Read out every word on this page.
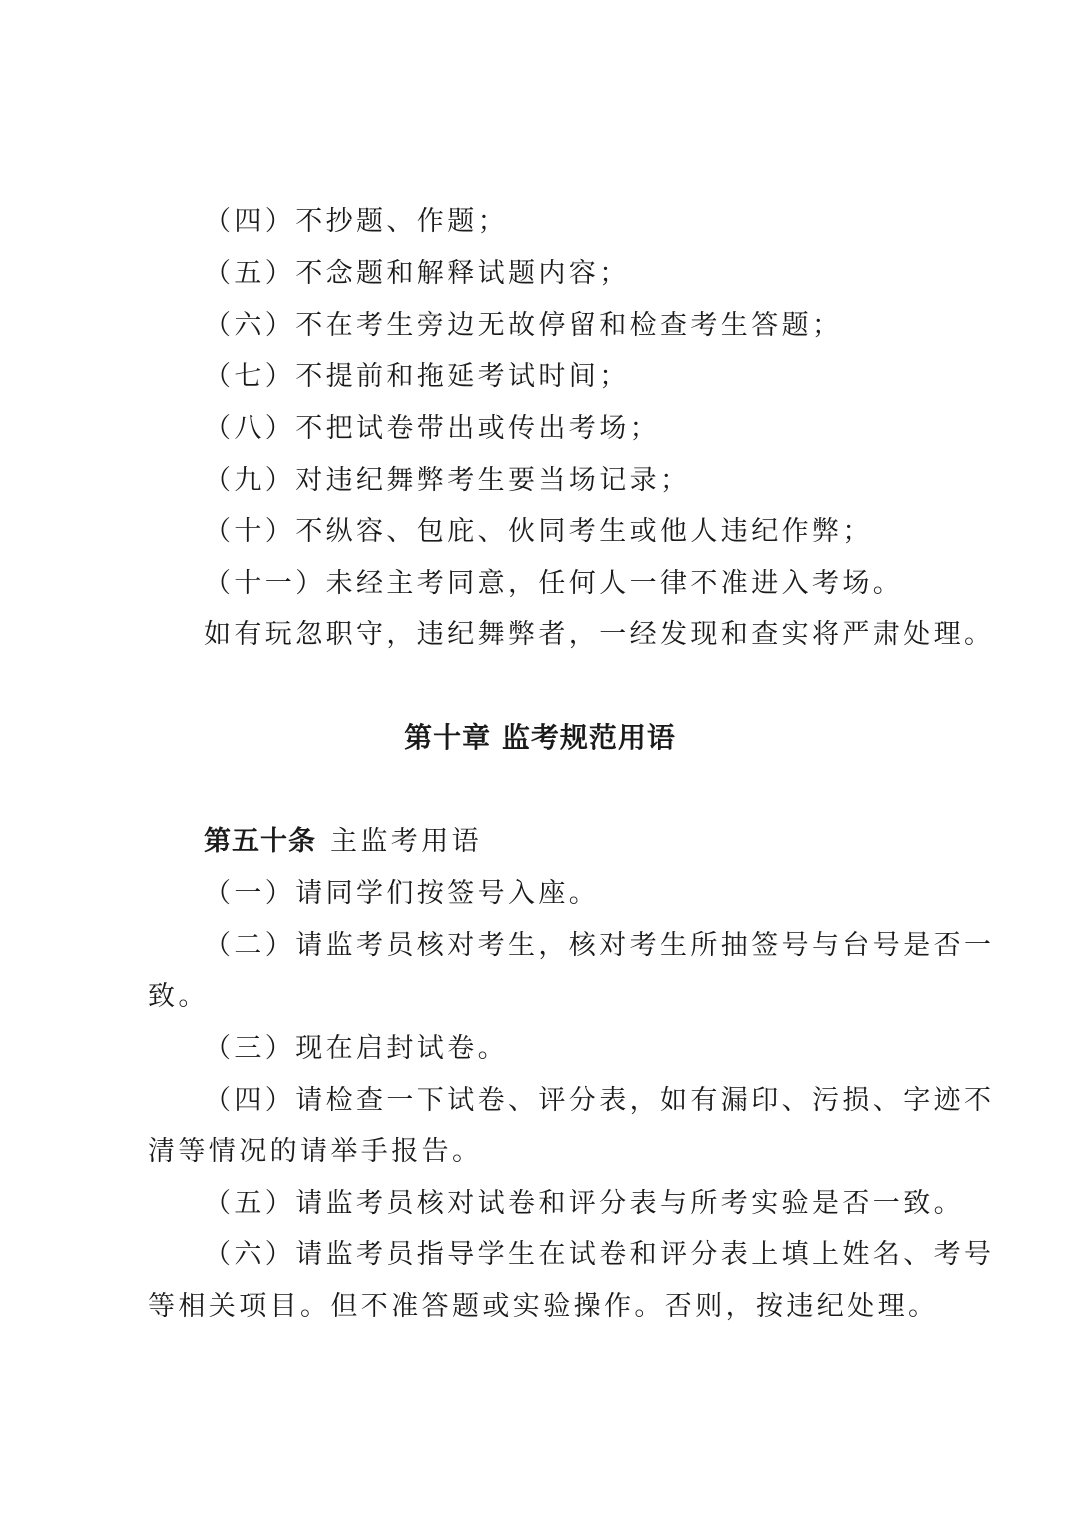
（四）不抄题、作题；
（五）不念题和解释试题内容；
（六）不在考生旁边无故停留和检查考生答题；
（七）不提前和拖延考试时间；
（八）不把试卷带出或传出考场；
（九）对违纪舞弊考生要当场记录；
（十）不纵容、包庇、伙同考生或他人违纪作弊；
（十一）未经主考同意，任何人一律不准进入考场。
如有玩忽职守，违纪舞弊者，一经发现和查实将严肃处理。
第十章 监考规范用语
第五十条 主监考用语
（一）请同学们按签号入座。
（二）请监考员核对考生，核对考生所抽签号与台号是否一
致。
（三）现在启封试卷。
（四）请检查一下试卷、评分表，如有漏印、污损、字迹不
清等情况的请举手报告。
（五）请监考员核对试卷和评分表与所考实验是否一致。
（六）请监考员指导学生在试卷和评分表上填上姓名、考号
等相关项目。但不准答题或实验操作。否则，按违纪处理。
